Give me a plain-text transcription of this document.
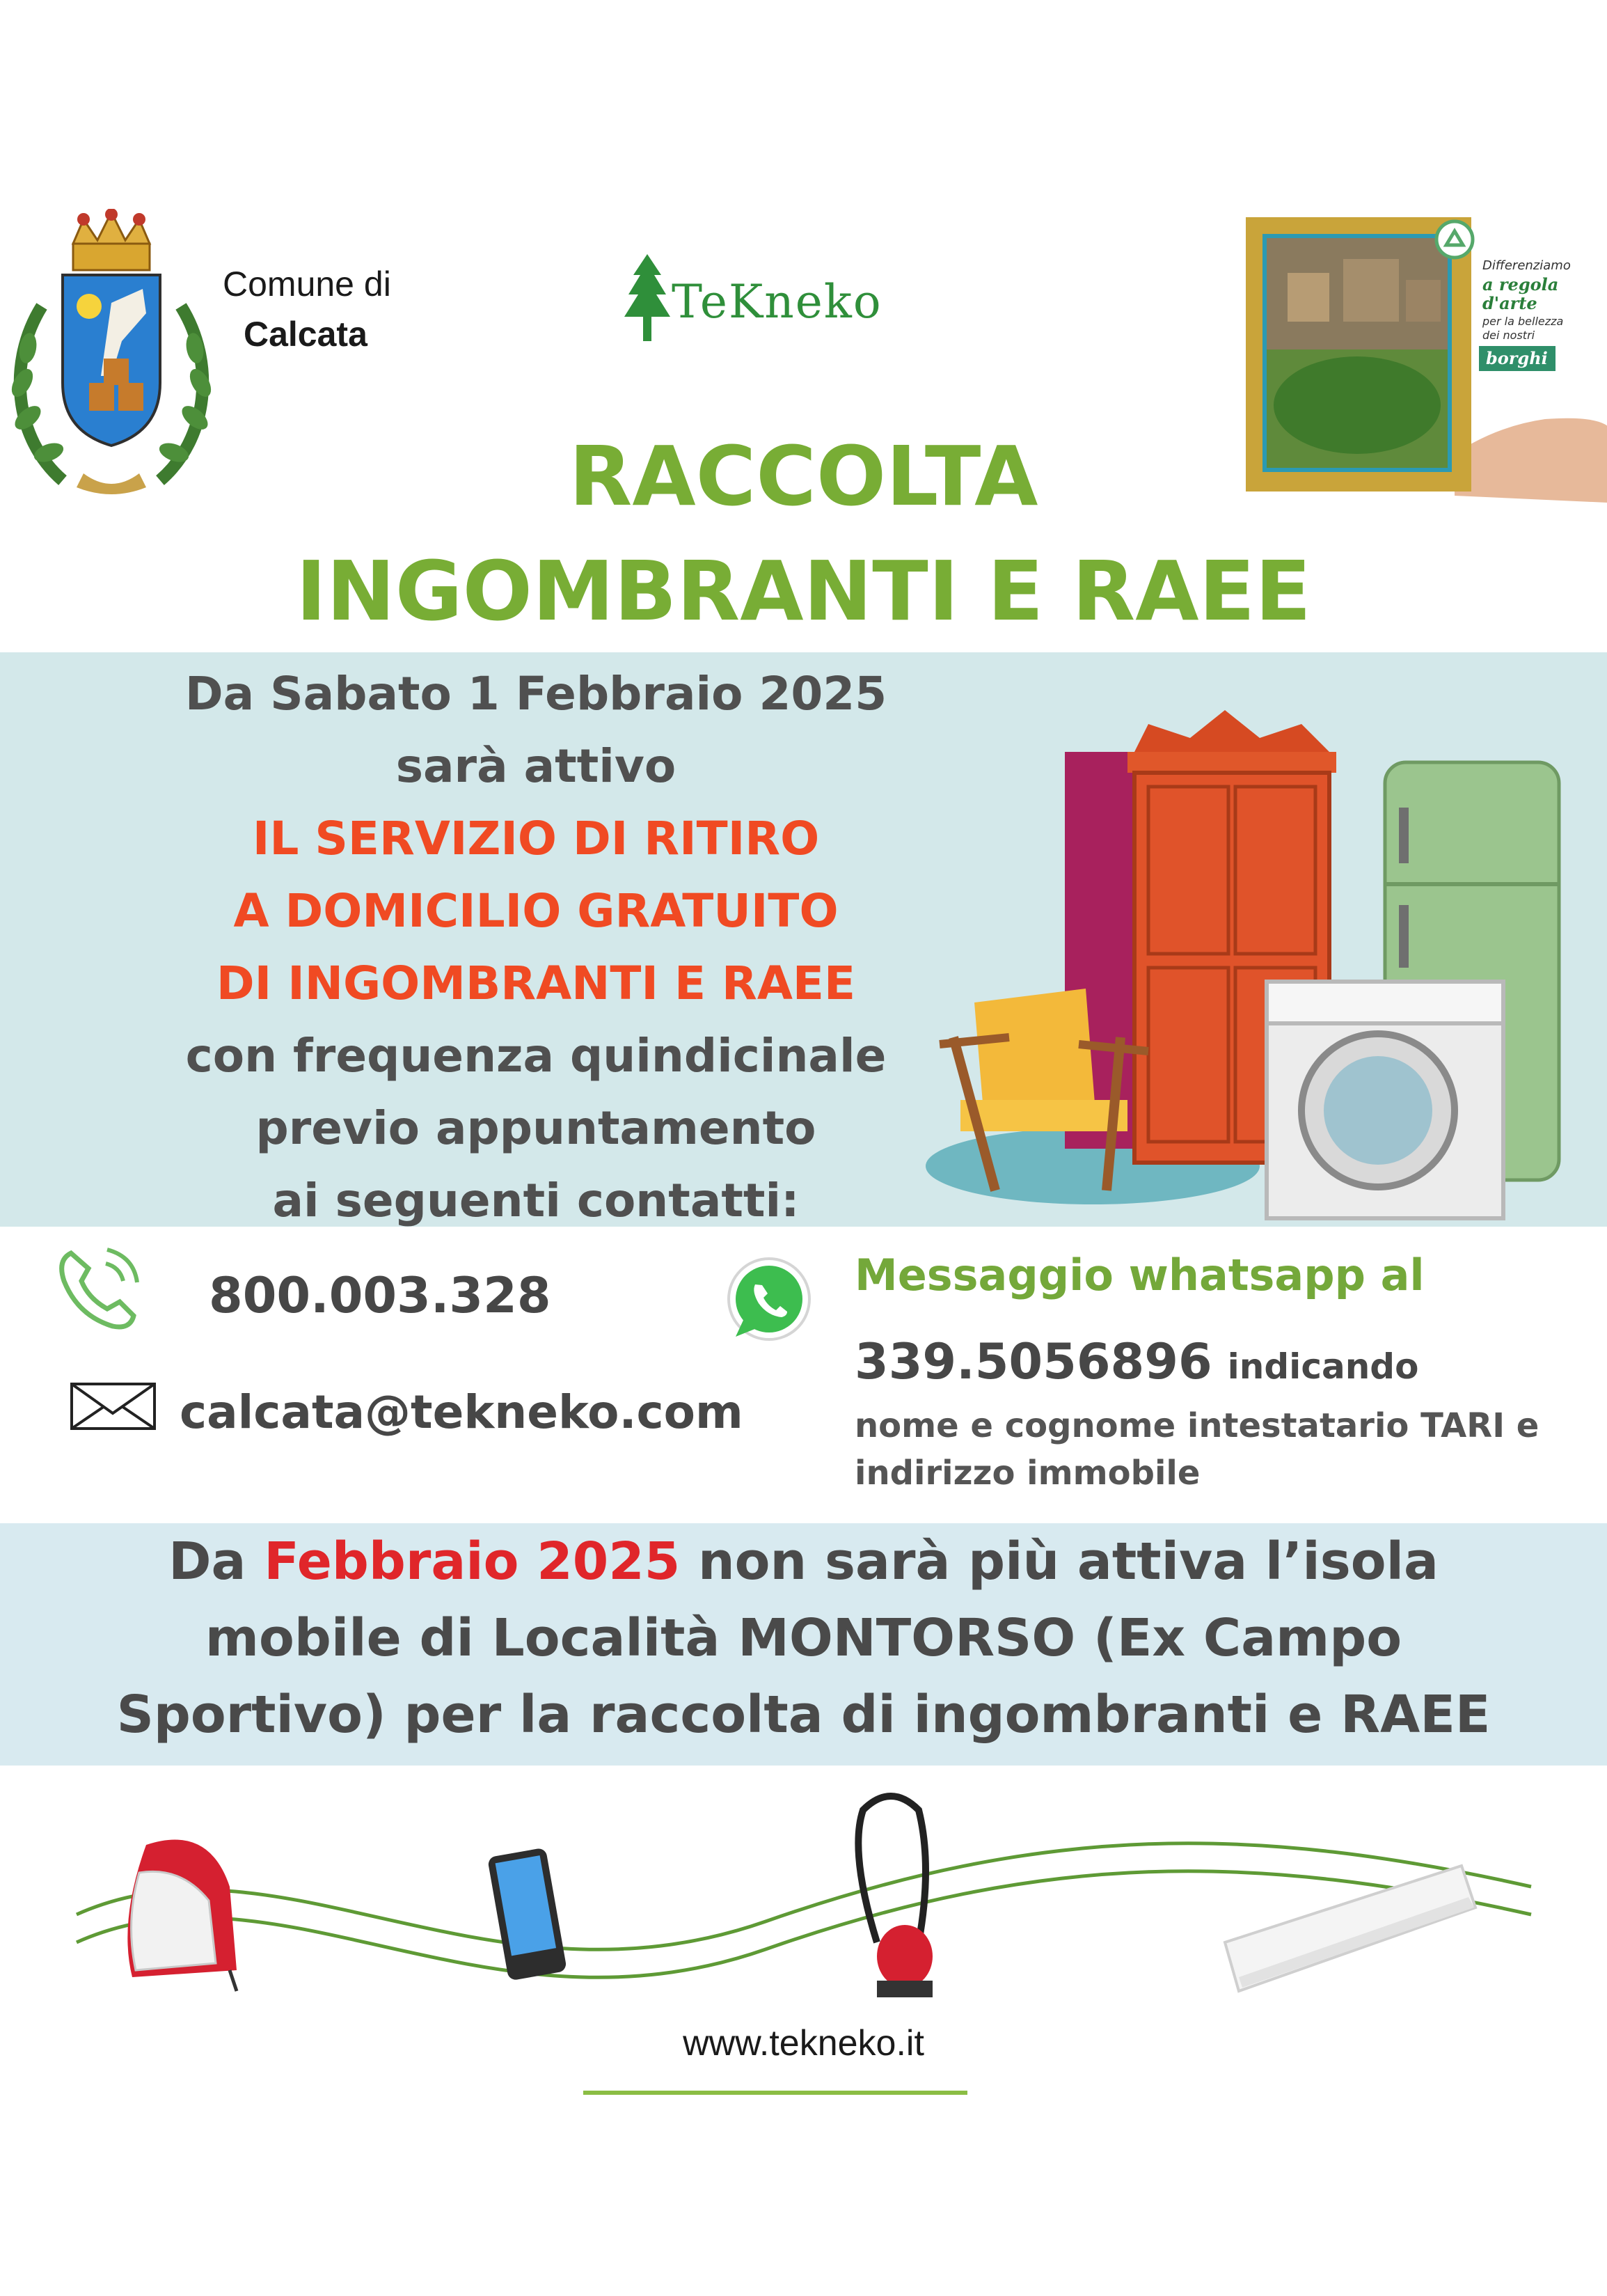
Comune di
Calcata
TeKneko
Differenziamo
a regola
d'arte
per la bellezza
dei nostri
borghi
RACCOLTA
INGOMBRANTI E RAEE
Da Sabato 1 Febbraio 2025
sarà attivo
IL SERVIZIO DI RITIRO
A DOMICILIO GRATUITO
DI INGOMBRANTI E RAEE
con frequenza quindicinale
previo appuntamento
ai seguenti contatti:
800.003.328
calcata@tekneko.com
Messaggio whatsapp al
339.5056896 indicando
nome e cognome intestatario TARI e
indirizzo immobile
Da Febbraio 2025 non sarà più attiva l’isola
mobile di Località MONTORSO (Ex Campo
Sportivo) per la raccolta di ingombranti e RAEE
www.tekneko.it
